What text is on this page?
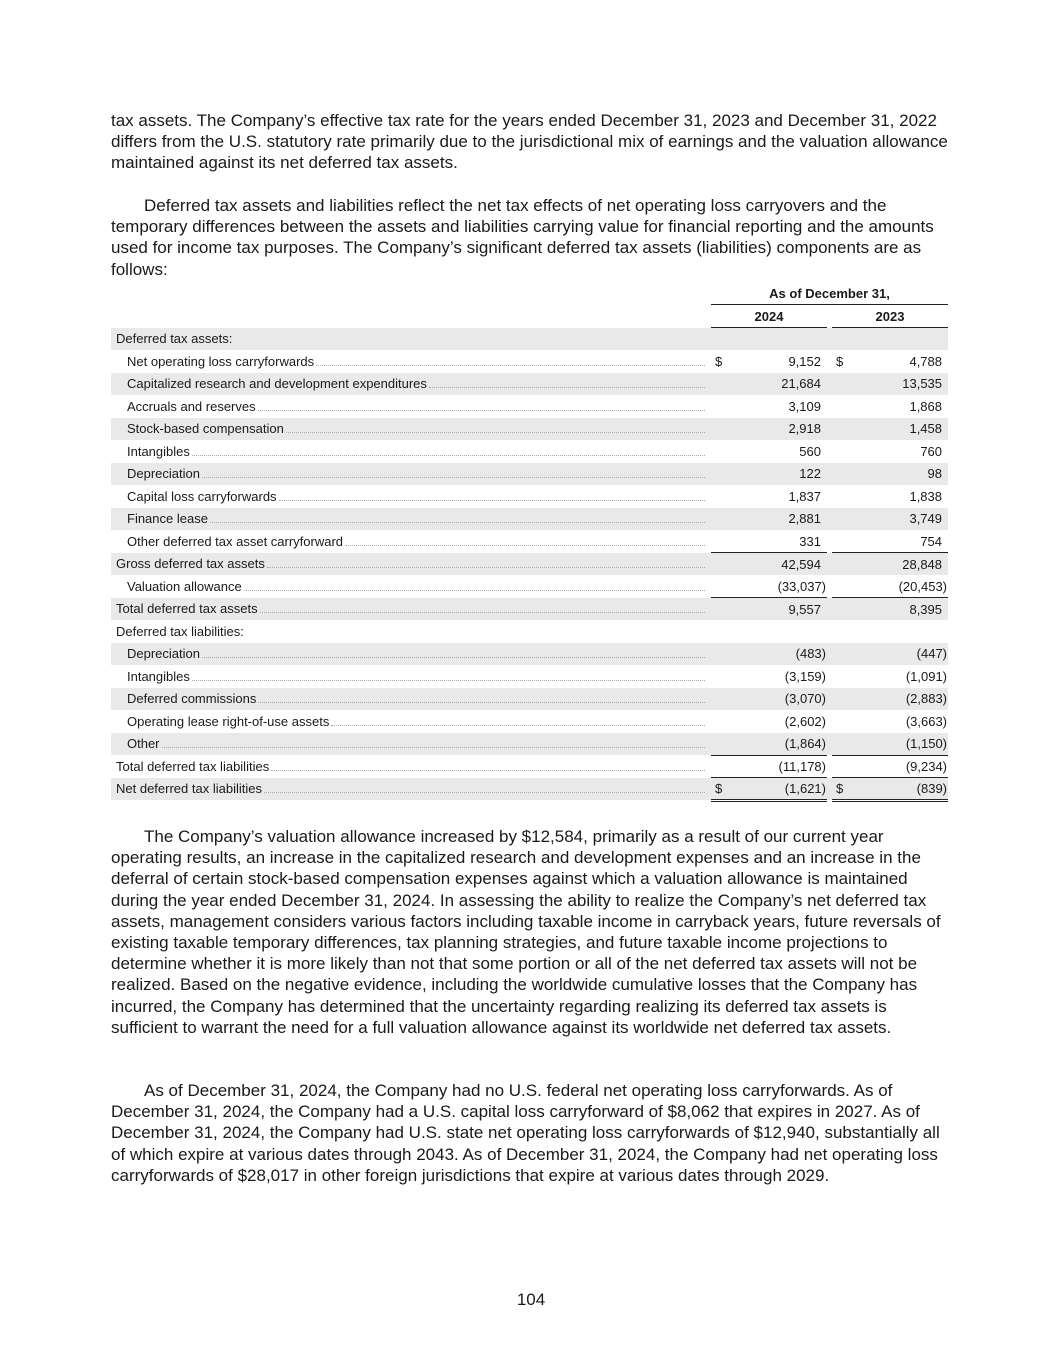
tax assets. The Company’s effective tax rate for the years ended December 31, 2023 and December 31, 2022 differs from the U.S. statutory rate primarily due to the jurisdictional mix of earnings and the valuation allowance maintained against its net deferred tax assets.

Deferred tax assets and liabilities reflect the net tax effects of net operating loss carryovers and the temporary differences between the assets and liabilities carrying value for financial reporting and the amounts used for income tax purposes. The Company’s significant deferred tax assets (liabilities) components are as follows:

	As of December 31,		
	2024		2023

Deferred tax assets:			

Net operating loss carryforwards	$ 9,152		$ 4,788

Capitalized research and development expenditures	21,684		13,535

Accruals and reserves	3,109		1,868

Stock-based compensation	2,918		1,458

Intangibles	560		760

Depreciation	122		98

Capital loss carryforwards	1,837		1,838

Finance lease	2,881		3,749

Other deferred tax asset carryforward	331		754

Gross deferred tax assets	42,594		28,848

Valuation allowance	(33,037)		(20,453)

Total deferred tax assets	9,557		8,395

Deferred tax liabilities:			

Depreciation	(483)		(447)

Intangibles	(3,159)		(1,091)

Deferred commissions	(3,070)		(2,883)

Operating lease right-of-use assets	(2,602)		(3,663)

Other	(1,864)		(1,150)

Total deferred tax liabilities	(11,178)		(9,234)

Net deferred tax liabilities	$ (1,621)		$ (839)

The Company’s valuation allowance increased by $12,584, primarily as a result of our current year operating results, an increase in the capitalized research and development expenses and an increase in the deferral of certain stock-based compensation expenses against which a valuation allowance is maintained during the year ended December 31, 2024. In assessing the ability to realize the Company’s net deferred tax assets, management considers various factors including taxable income in carryback years, future reversals of existing taxable temporary differences, tax planning strategies, and future taxable income projections to determine whether it is more likely than not that some portion or all of the net deferred tax assets will not be realized. Based on the negative evidence, including the worldwide cumulative losses that the Company has incurred, the Company has determined that the uncertainty regarding realizing its deferred tax assets is sufficient to warrant the need for a full valuation allowance against its worldwide net deferred tax assets.

As of December 31, 2024, the Company had no U.S. federal net operating loss carryforwards. As of December 31, 2024, the Company had a U.S. capital loss carryforward of $8,062 that expires in 2027. As of December 31, 2024, the Company had U.S. state net operating loss carryforwards of $12,940, substantially all of which expire at various dates through 2043. As of December 31, 2024, the Company had net operating loss carryforwards of $28,017 in other foreign jurisdictions that expire at various dates through 2029.

104
